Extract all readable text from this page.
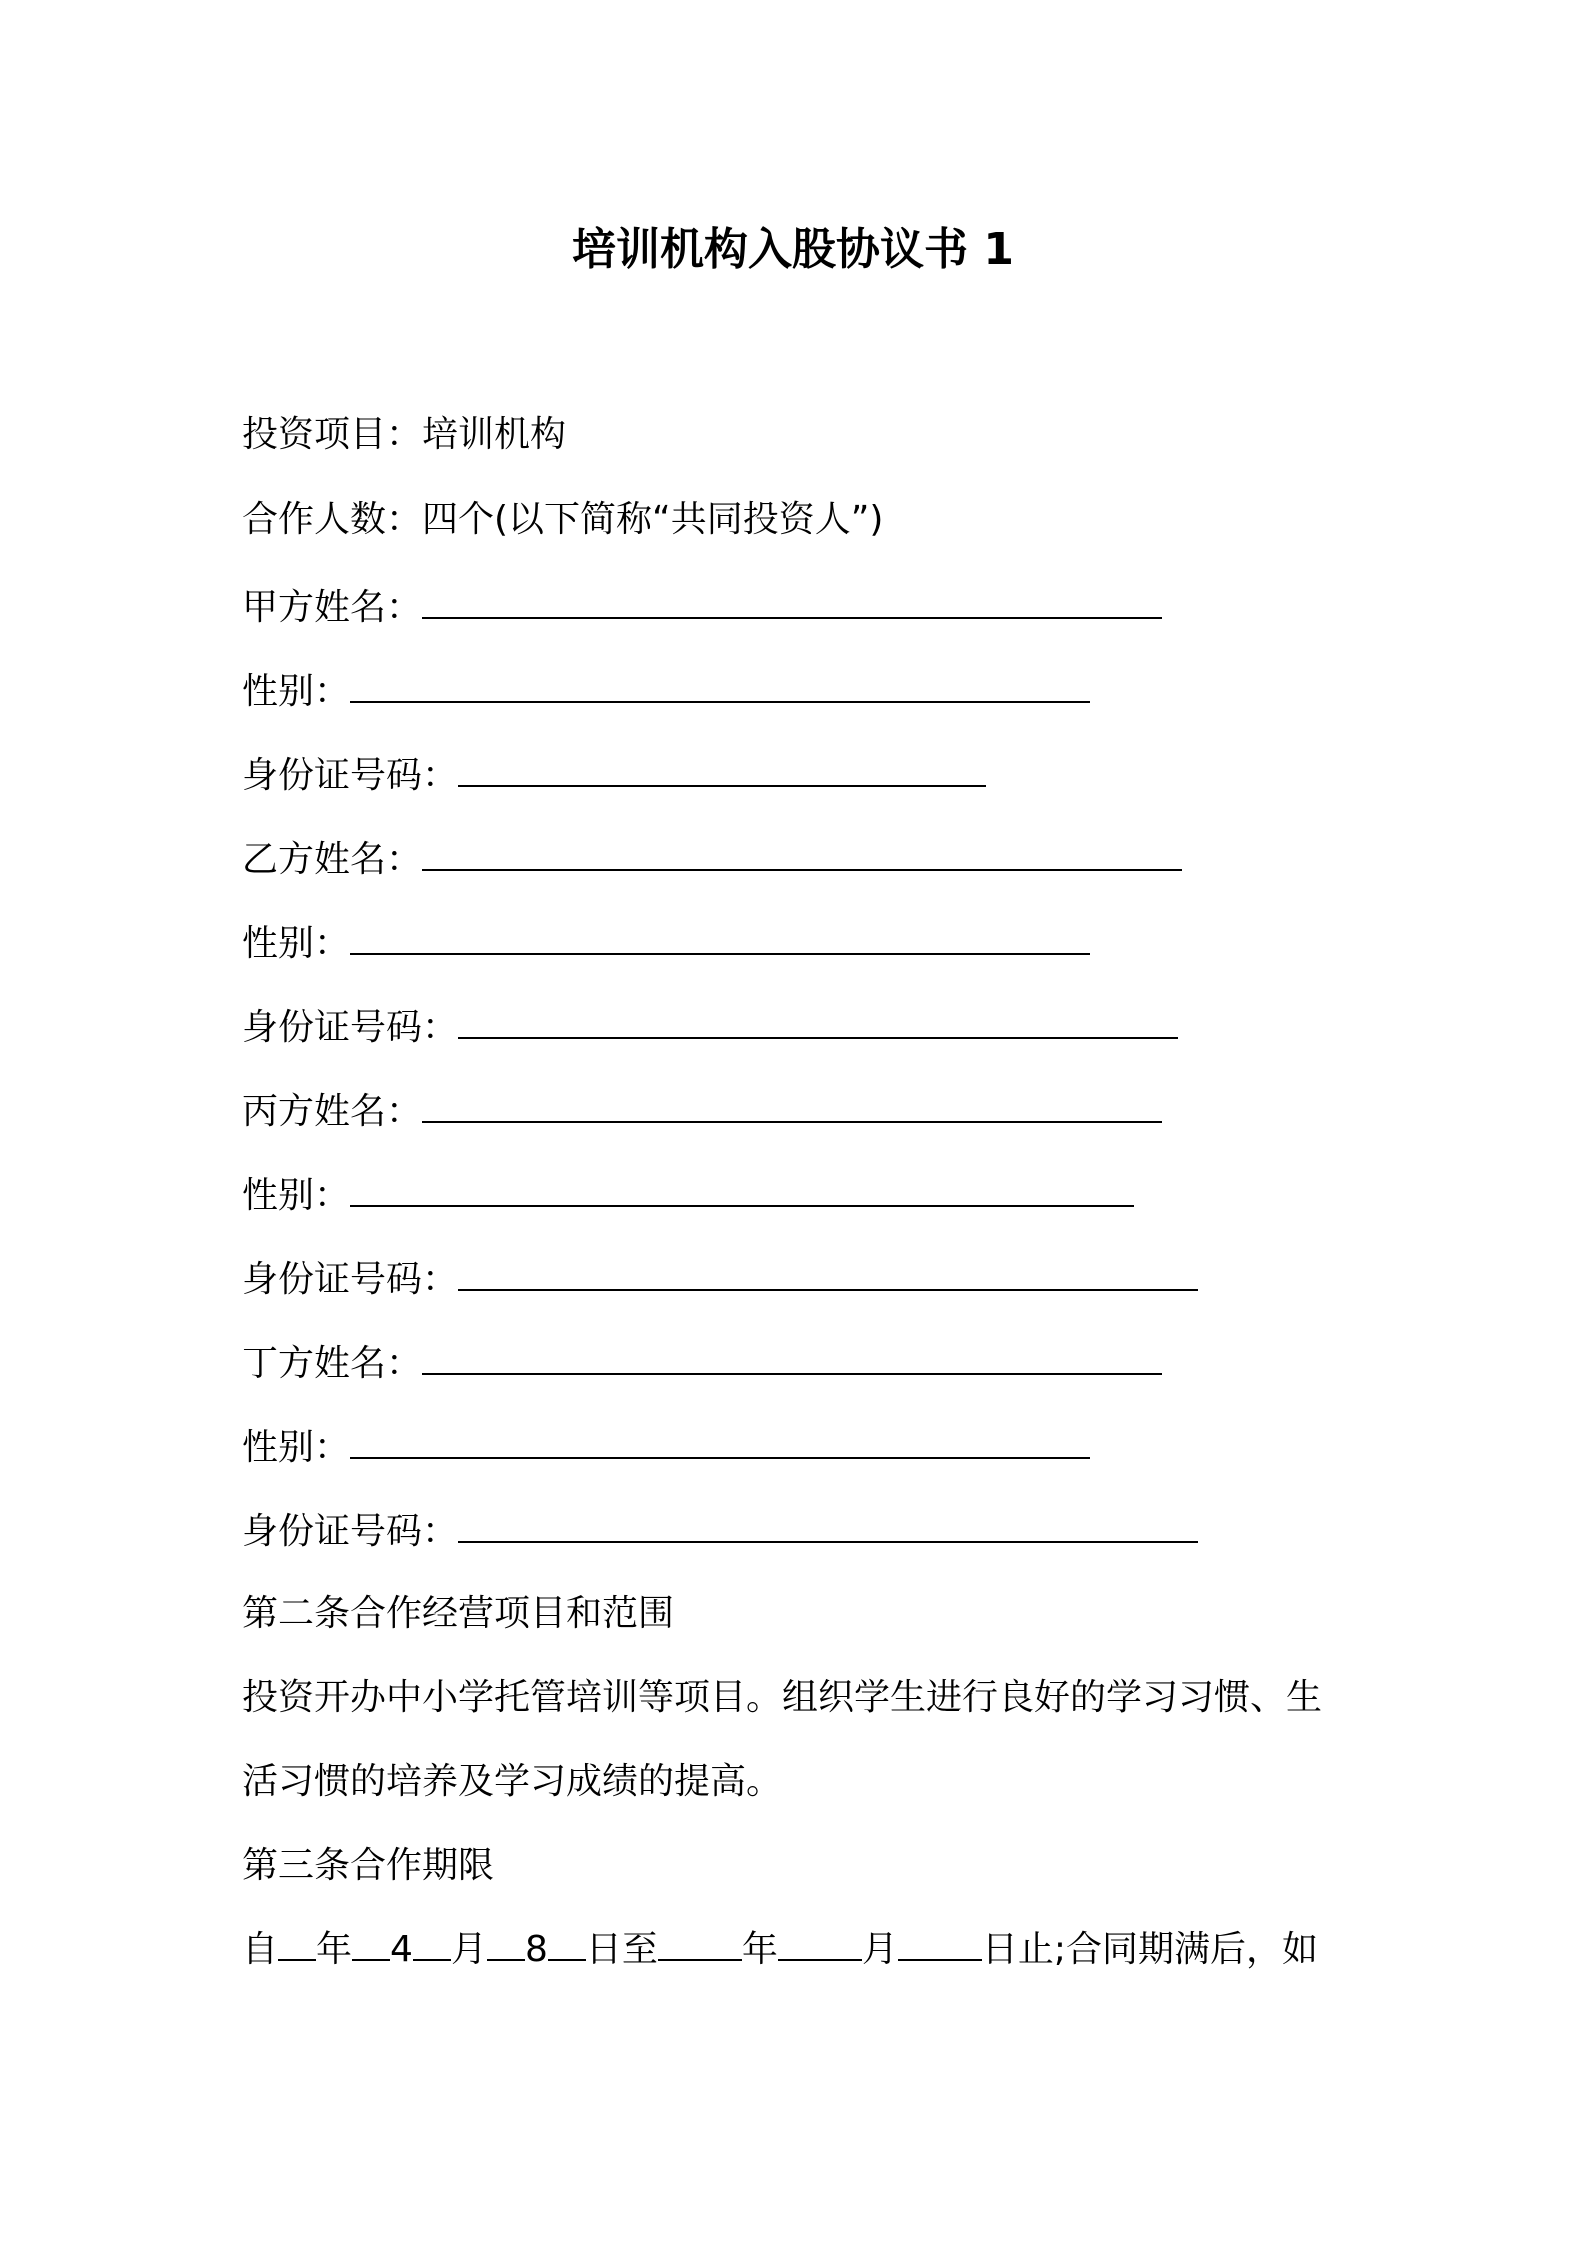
培训机构入股协议书 1
投资项目：培训机构
合作人数：四个(以下简称“共同投资人”)
甲方姓名：
性别：
身份证号码：
乙方姓名：
性别：
身份证号码：
丙方姓名：
性别：
身份证号码：
丁方姓名：
性别：
身份证号码：
第二条合作经营项目和范围
投资开办中小学托管培训等项目。组织学生进行良好的学习习惯、生
活习惯的培养及学习成绩的提高。
第三条合作期限
自 年 4 月 8 日至 年 月 日止;合同期满后，如
